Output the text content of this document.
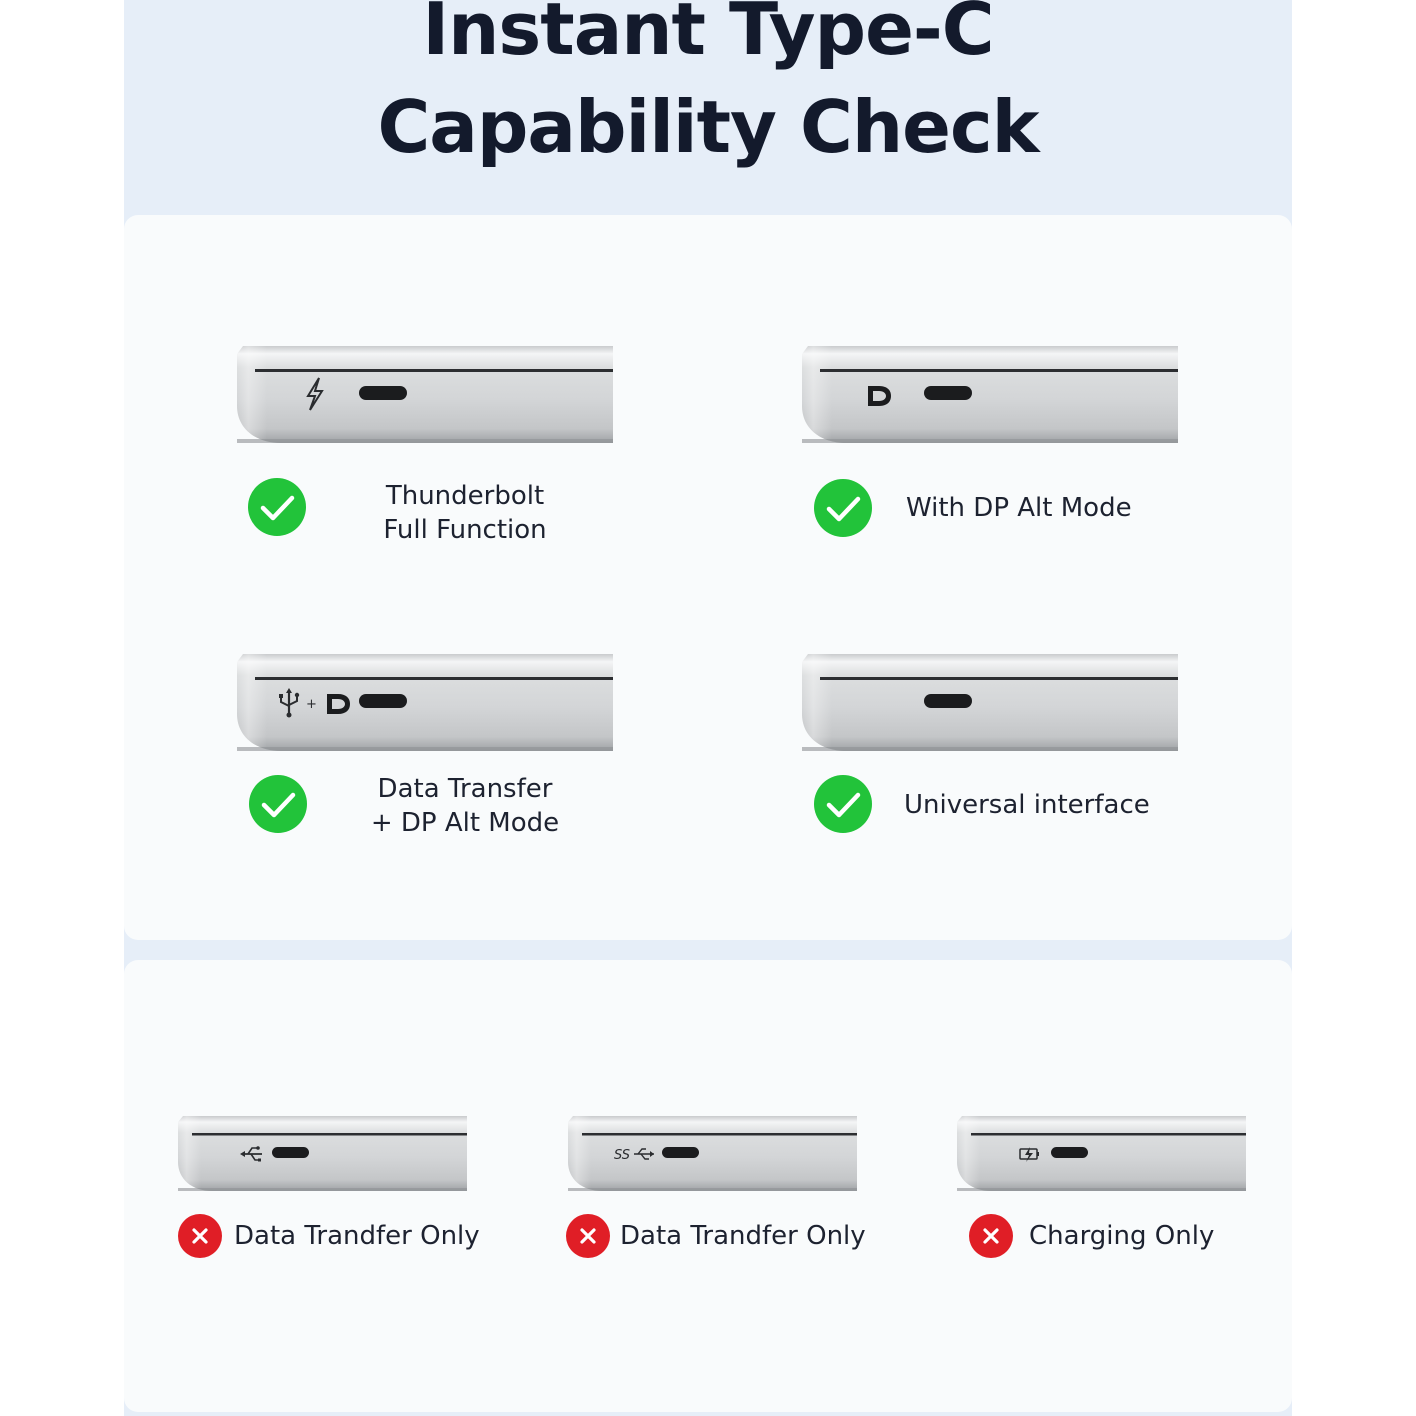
Instant Type-C
Capability Check
Thunderbolt
Full Function
With DP Alt Mode
+
Data Transfer
+ DP Alt Mode
Universal interface
Data Trandfer Only
SS
Data Trandfer Only	Charging Only
